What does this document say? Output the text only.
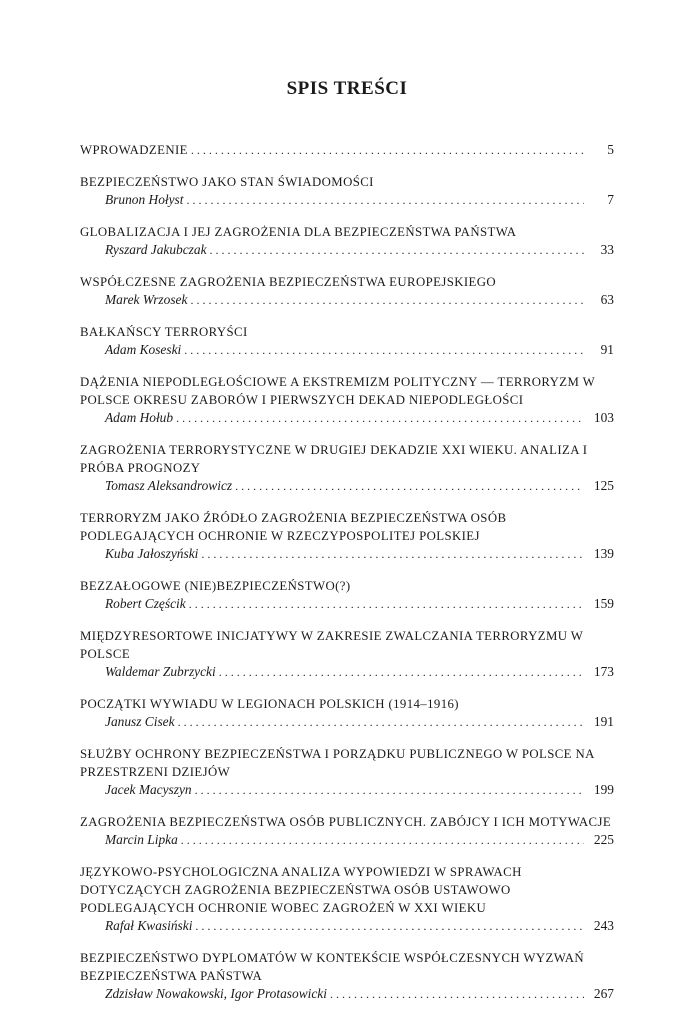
SPIS TREŚCI
WPROWADZENIE . . .	5
BEZPIECZEŃSTWO JAKO STAN ŚWIADOMOŚCI
Brunon Hołyst . . .	7
GLOBALIZACJA I JEJ ZAGROŻENIA DLA BEZPIECZEŃSTWA PAŃSTWA
Ryszard Jakubczak . . .	33
WSPÓŁCZESNE ZAGROŻENIA BEZPIECZEŃSTWA EUROPEJSKIEGO
Marek Wrzosek . . .	63
BAŁKAŃSCY TERRORYŚCI
Adam Koseski . . .	91
DĄŻENIA NIEPODLEGŁOŚCIOWE A EKSTREMIZM POLITYCZNY — TERRORYZM W POLSCE OKRESU ZABORÓW I PIERWSZYCH DEKAD NIEPODLEGŁOŚCI
Adam Hołub . . .	103
ZAGROŻENIA TERRORYSTYCZNE W DRUGIEJ DEKADZIE XXI WIEKU. ANALIZA I PRÓBA PROGNOZY
Tomasz Aleksandrowicz . . .	125
TERRORYZM JAKO ŹRÓDŁO ZAGROŻENIA BEZPIECZEŃSTWA OSÓB PODLEGAJĄCYCH OCHRONIE W RZECZYPOSPOLITEJ POLSKIEJ
Kuba Jałoszyński . . .	139
BEZZAŁOGOWE (NIE)BEZPIECZEŃSTWO(?)
Robert Częścik . . .	159
MIĘDZYRESORTOWE INICJATYWY W ZAKRESIE ZWALCZANIA TERRORYZMU W POLSCE
Waldemar Zubrzycki . . .	173
POCZĄTKI WYWIADU W LEGIONACH POLSKICH (1914–1916)
Janusz Cisek . . .	191
SŁUŻBY OCHRONY BEZPIECZEŃSTWA I PORZĄDKU PUBLICZNEGO W POLSCE NA PRZESTRZENI DZIEJÓW
Jacek Macyszyn . . .	199
ZAGROŻENIA BEZPIECZEŃSTWA OSÓB PUBLICZNYCH. ZABÓJCY I ICH MOTYWACJE
Marcin Lipka . . .	225
JĘZYKOWO-PSYCHOLOGICZNA ANALIZA WYPOWIEDZI W SPRAWACH DOTYCZĄCYCH ZAGROŻENIA BEZPIECZEŃSTWA OSÓB USTAWOWO PODLEGAJĄCYCH OCHRONIE WOBEC ZAGROŻEŃ W XXI WIEKU
Rafał Kwasiński . . .	243
BEZPIECZEŃSTWO DYPLOMATÓW W KONTEKŚCIE WSPÓŁCZESNYCH WYZWAŃ BEZPIECZEŃSTWA PAŃSTWA
Zdzisław Nowakowski, Igor Protasowicki . . .	267
